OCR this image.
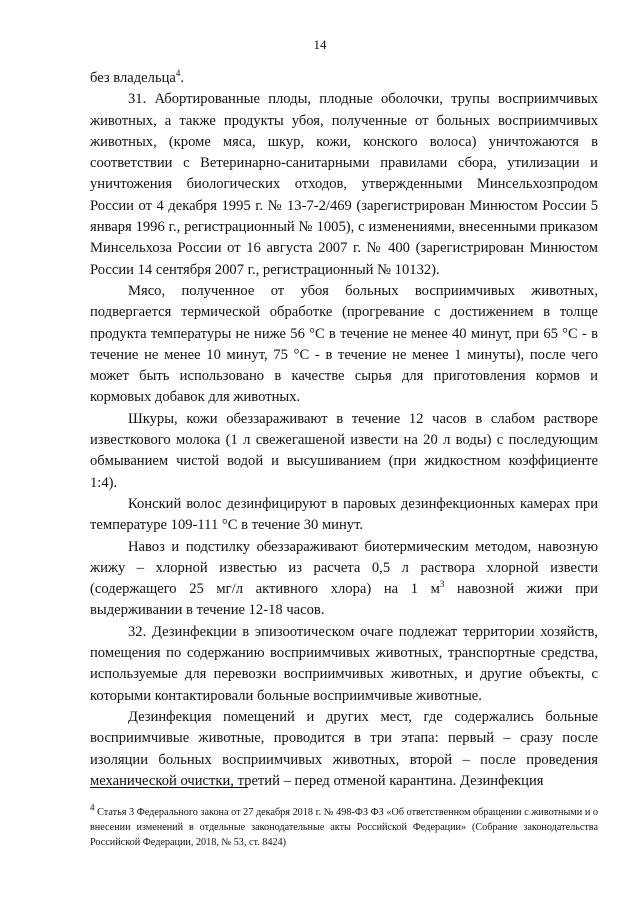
14

без владельца$^4$.

31. Абортированные плоды, плодные оболочки, трупы восприимчивых животных, а также продукты убоя, полученные от больных восприимчивых животных, (кроме мяса, шкур, кожи, конского волоса) уничтожаются в соответствии с Ветеринарно-санитарными правилами сбора, утилизации и уничтожения биологических отходов, утвержденными Минсельхозпродом России от 4 декабря 1995 г. № 13-7-2/469 (зарегистрирован Минюстом России 5 января 1996 г., регистрационный № 1005), с изменениями, внесенными приказом Минсельхоза России от 16 августа 2007 г. № 400 (зарегистрирован Минюстом России 14 сентября 2007 г., регистрационный № 10132).

Мясо, полученное от убоя больных восприимчивых животных, подвергается термической обработке (прогревание с достижением в толще продукта температуры не ниже 56 °С в течение не менее 40 минут, при 65 °С - в течение не менее 10 минут, 75 °С - в течение не менее 1 минуты), после чего может быть использовано в качестве сырья для приготовления кормов и кормовых добавок для животных.

Шкуры, кожи обеззараживают в течение 12 часов в слабом растворе известкового молока (1 л свежегашеной извести на 20 л воды) с последующим обмыванием чистой водой и высушиванием (при жидкостном коэффициенте 1:4).

Конский волос дезинфицируют в паровых дезинфекционных камерах при температуре 109-111 °С в течение 30 минут.

Навоз и подстилку обеззараживают биотермическим методом, навозную жижу – хлорной известью из расчета 0,5 л раствора хлорной извести (содержащего 25 мг/л активного хлора) на 1 $м^3$ навозной жижи при выдерживании в течение 12-18 часов.

32. Дезинфекции в эпизоотическом очаге подлежат территории хозяйств, помещения по содержанию восприимчивых животных, транспортные средства, используемые для перевозки восприимчивых животных, и другие объекты, с которыми контактировали больные восприимчивые животные.

Дезинфекция помещений и других мест, где содержались больные восприимчивые животные, проводится в три этапа: первый – сразу после изоляции больных восприимчивых животных, второй – после проведения механической очистки, третий – перед отменой карантина. Дезинфекция

$^4$ Статья 3 Федерального закона от 27 декабря 2018 г. № 498-ФЗ ФЗ «Об ответственном обращении с животными и о внесении изменений в отдельные законодательные акты Российской Федерации» (Собрание законодательства Российской Федерации, 2018, № 53, ст. 8424)
